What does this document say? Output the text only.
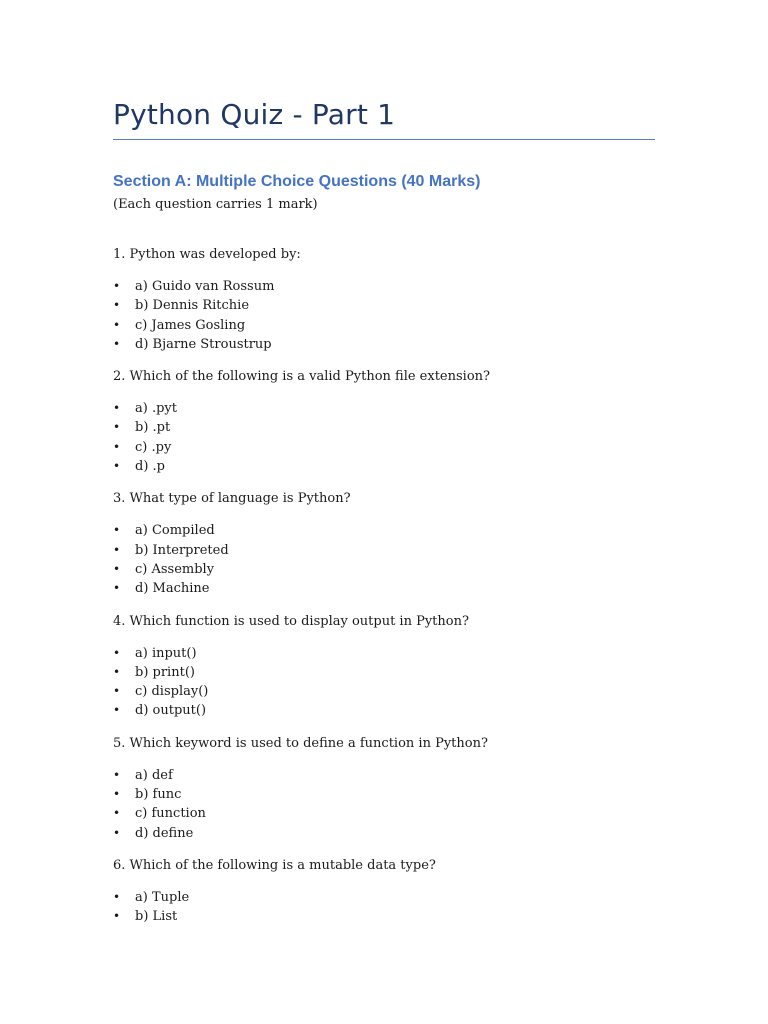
Python Quiz - Part 1
Section A: Multiple Choice Questions (40 Marks)

(Each question carries 1 mark)

1. Python was developed by:

• a) Guido van Rossum
• b) Dennis Ritchie
• c) James Gosling
• d) Bjarne Stroustrup

2. Which of the following is a valid Python file extension?

• a) .pyt
• b) .pt
• c) .py
• d) .p

3. What type of language is Python?

• a) Compiled
• b) Interpreted
• c) Assembly
• d) Machine

4. Which function is used to display output in Python?

• a) input()
• b) print()
• c) display()
• d) output()

5. Which keyword is used to define a function in Python?

• a) def
• b) func
• c) function
• d) define

6. Which of the following is a mutable data type?

• a) Tuple
• b) List
